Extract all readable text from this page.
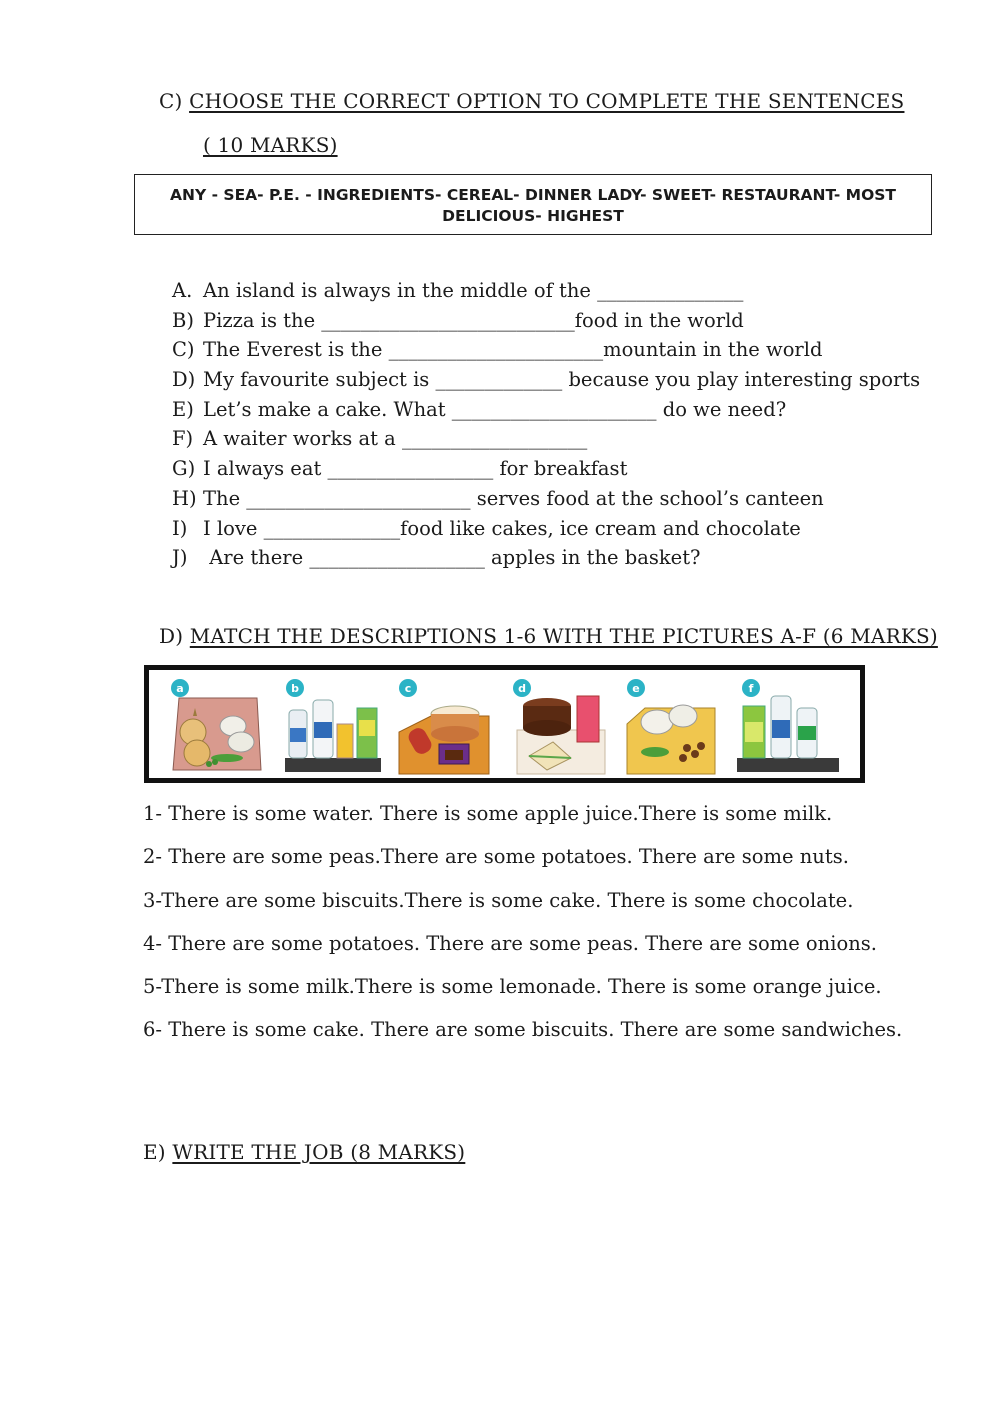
C) CHOOSE THE CORRECT OPTION TO COMPLETE THE SENTENCES
( 10 MARKS)
ANY - SEA- P.E. - INGREDIENTS- CEREAL- DINNER LADY- SWEET- RESTAURANT- MOST
DELICIOUS- HIGHEST
A. An island is always in the middle of the _______________
B) Pizza is the __________________________food in the world
C) The Everest is the ______________________mountain in the world
D) My favourite subject is _____________ because you play interesting sports
E) Let’s make a cake. What _____________________ do we need?
F) A waiter works at a ___________________
G) I always eat _________________ for breakfast
H) The _______________________ serves food at the school’s canteen
I) I love ______________food like cakes, ice cream and chocolate
J) Are there __________________ apples in the basket?
D) MATCH THE DESCRIPTIONS 1-6 WITH THE PICTURES A-F (6 MARKS)
a	b	c	d	e	f
1- There is some water. There is some apple juice.There is some milk.
2- There are some peas.There are some potatoes. There are some nuts.
3-There are some biscuits.There is some cake. There is some chocolate.
4- There are some potatoes. There are some peas. There are some onions.
5-There is some milk.There is some lemonade. There is some orange juice.
6- There is some cake. There are some biscuits. There are some sandwiches.
E) WRITE THE JOB (8 MARKS)
